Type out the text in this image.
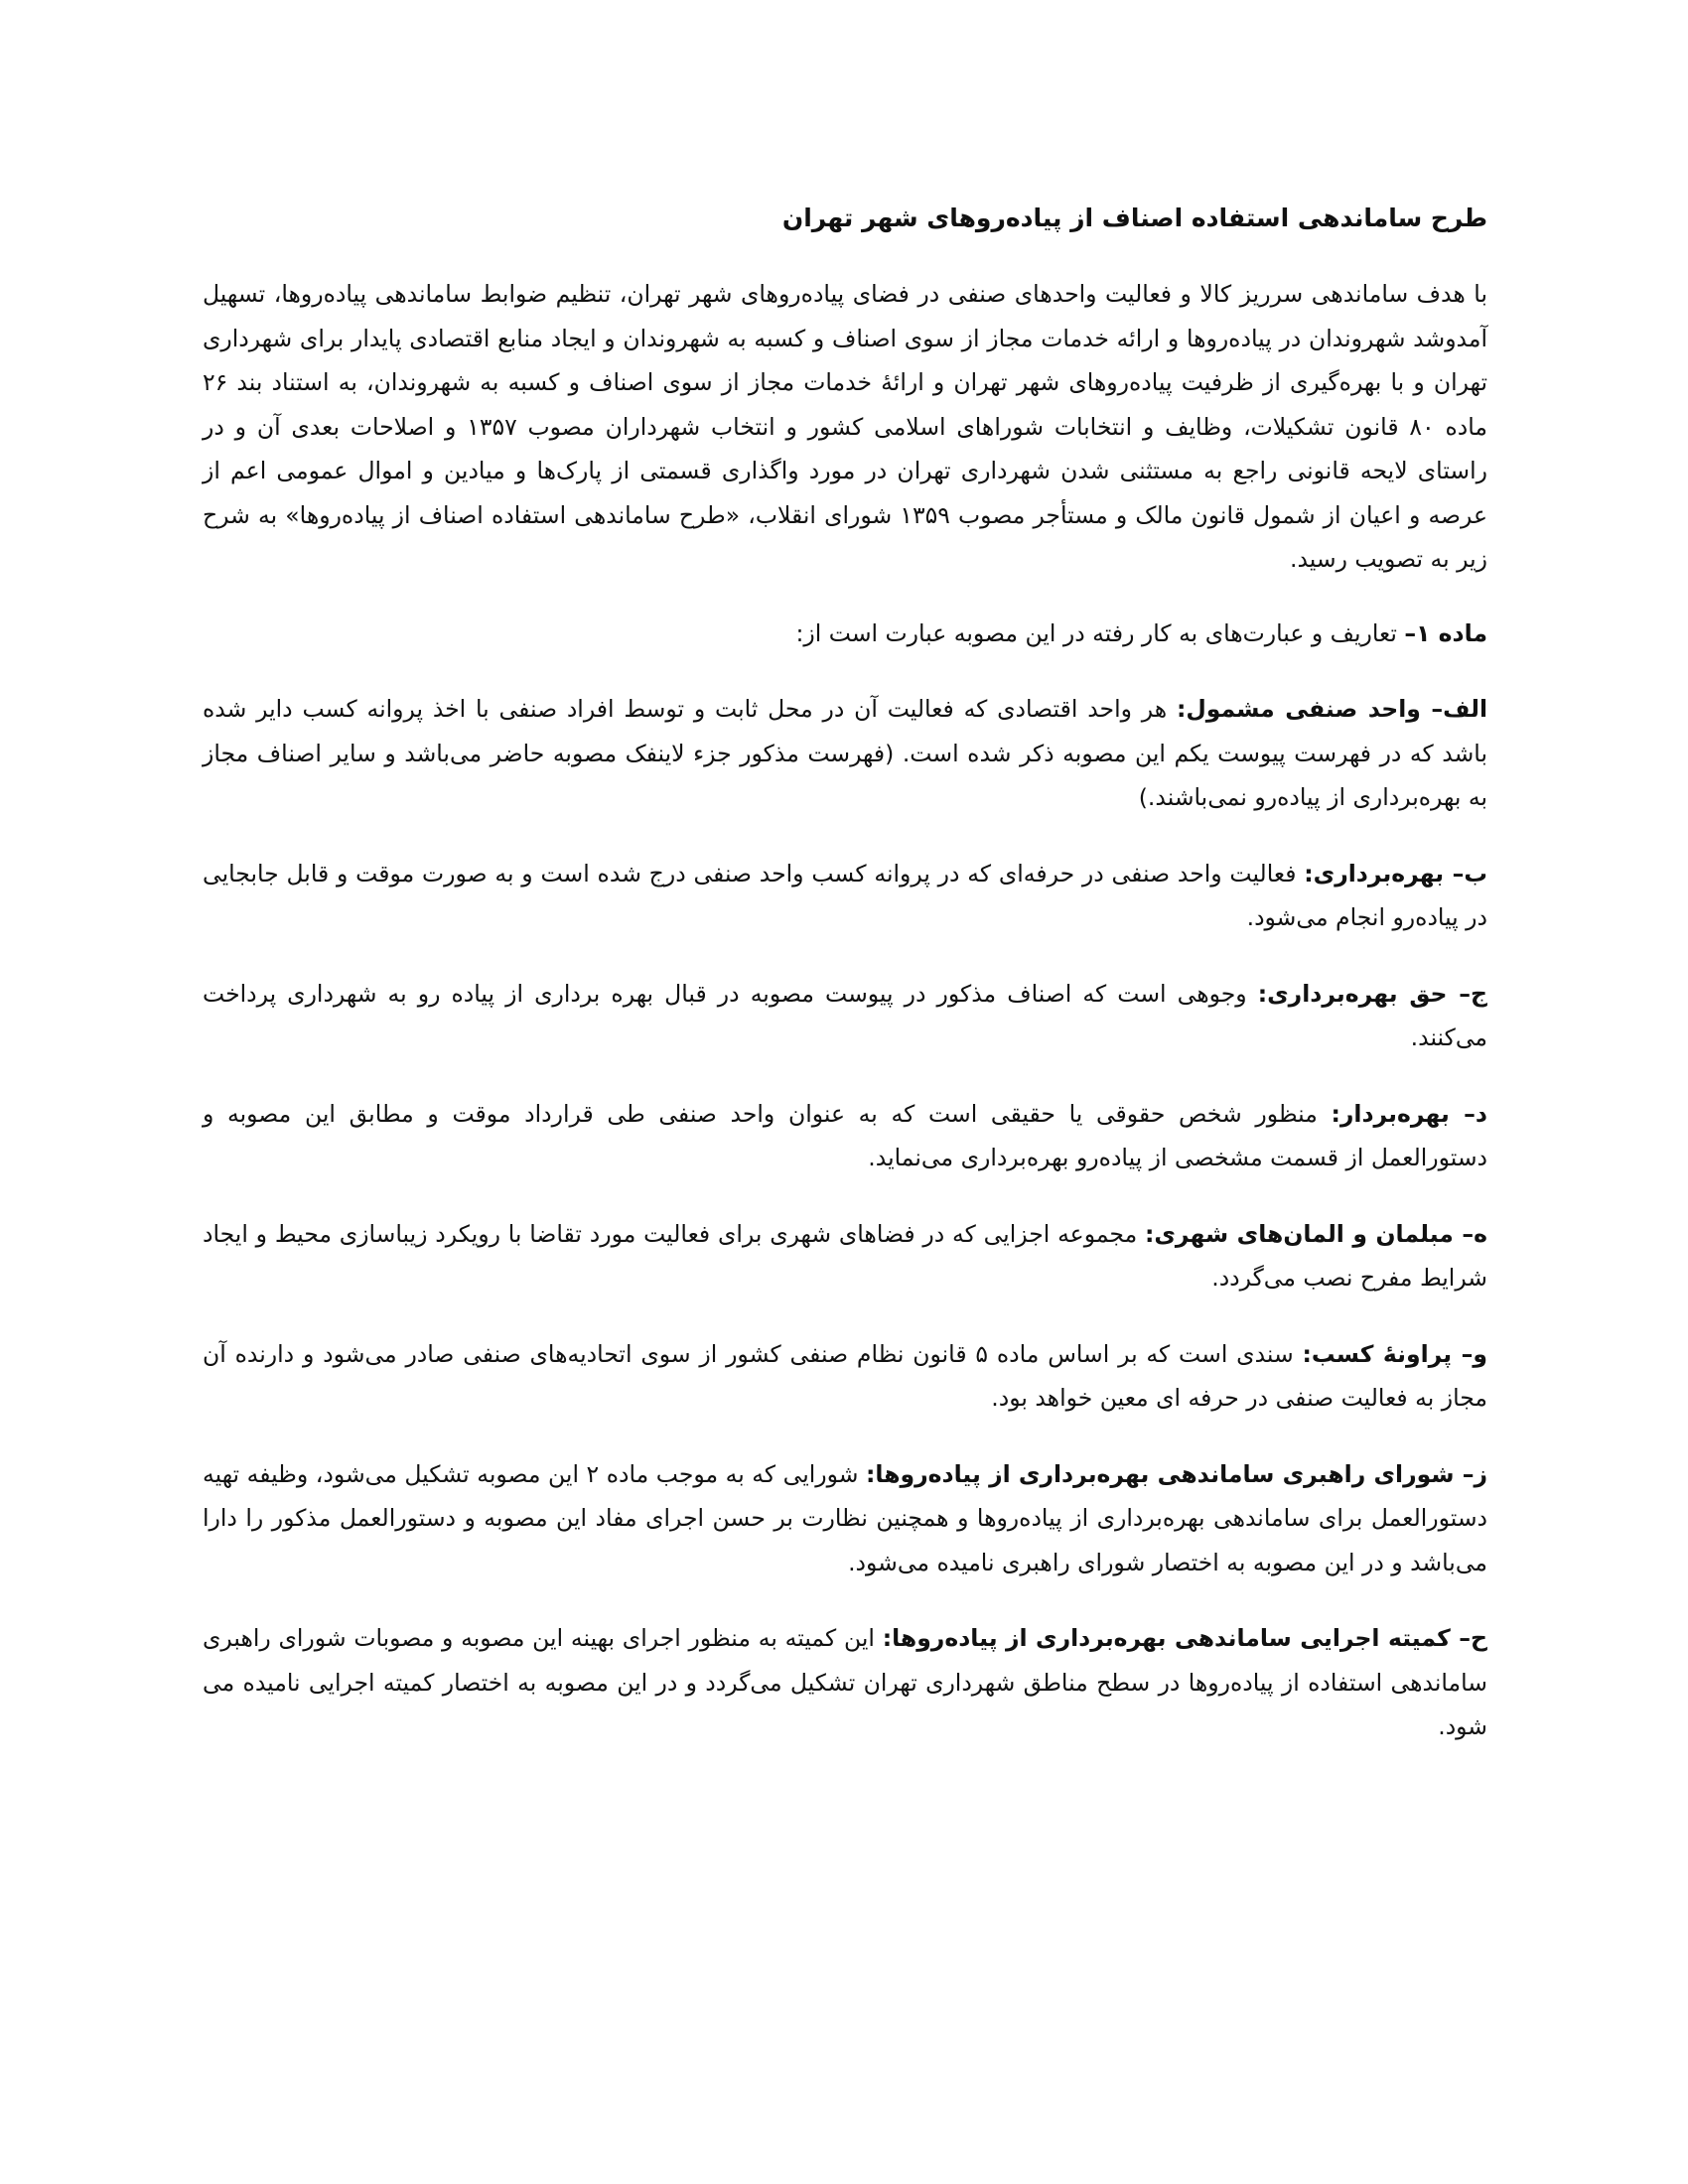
طرح ساماندهی استفاده اصناف از پیاده‌روهای شهر تهران

با هدف ساماندهی سرریز کالا و فعالیت واحدهای صنفی در فضای پیاده‌روهای شهر تهران، تنظیم ضوابط ساماندهی پیاده‌روها، تسهیل آمدوشد شهروندان در پیاده‌روها و ارائه خدمات مجاز از سوی اصناف و کسبه به شهروندان و ایجاد منابع اقتصادی پایدار برای شهرداری تهران و با بهره‌گیری از ظرفیت پیاده‌روهای شهر تهران و ارائهٔ خدمات مجاز از سوی اصناف و کسبه به شهروندان، به استناد بند ۲۶ ماده ۸۰ قانون تشکیلات، وظایف و انتخابات شوراهای اسلامی کشور و انتخاب شهرداران مصوب ۱۳۵۷ و اصلاحات بعدی آن و در راستای لایحه قانونی راجع به مستثنی شدن شهرداری تهران در مورد واگذاری قسمتی از پارک‌ها و میادین و اموال عمومی اعم از عرصه و اعیان از شمول قانون مالک و مستأجر مصوب ۱۳۵۹ شورای انقلاب، «طرح ساماندهی استفاده اصناف از پیاده‌روها» به شرح زیر به تصویب رسید.

ماده ۱– تعاریف و عبارت‌های به کار رفته در این مصوبه عبارت است از:

الف– واحد صنفی مشمول: هر واحد اقتصادی که فعالیت آن در محل ثابت و توسط افراد صنفی با اخذ پروانه کسب دایر شده باشد که در فهرست پیوست یکم این مصوبه ذکر شده است. (فهرست مذکور جزء لاینفک مصوبه حاضر می‌باشد و سایر اصناف مجاز به بهره‌برداری از پیاده‌رو نمی‌باشند.)

ب– بهره‌برداری: فعالیت واحد صنفی در حرفه‌ای که در پروانه کسب واحد صنفی درج شده است و به صورت موقت و قابل جابجایی در پیاده‌رو انجام می‌شود.

ج– حق بهره‌برداری: وجوهی است که اصناف مذکور در پیوست مصوبه در قبال بهره برداری از پیاده رو به شهرداری پرداخت می‌کنند.

د– بهره‌بردار: منظور شخص حقوقی یا حقیقی است که به عنوان واحد صنفی طی قرارداد موقت و مطابق این مصوبه و دستورالعمل از قسمت مشخصی از پیاده‌رو بهره‌برداری می‌نماید.

ه– مبلمان و المان‌های شهری: مجموعه اجزایی که در فضاهای شهری برای فعالیت مورد تقاضا با رویکرد زیباسازی محیط و ایجاد شرایط مفرح نصب می‌گردد.

و– پراونهٔ کسب: سندی است که بر اساس ماده ۵ قانون نظام صنفی کشور از سوی اتحادیه‌های صنفی صادر می‌شود و دارنده آن مجاز به فعالیت صنفی در حرفه ای معین خواهد بود.

ز– شورای راهبری ساماندهی بهره‌برداری از پیاده‌روها: شورایی که به موجب ماده ۲ این مصوبه تشکیل می‌شود، وظیفه تهیه دستورالعمل برای ساماندهی بهره‌برداری از پیاده‌روها و همچنین نظارت بر حسن اجرای مفاد این مصوبه و دستورالعمل مذکور را دارا می‌باشد و در این مصوبه به اختصار شورای راهبری نامیده می‌شود.

ح– کمیته اجرایی ساماندهی بهره‌برداری از پیاده‌روها: این کمیته به منظور اجرای بهینه این مصوبه و مصوبات شورای راهبری ساماندهی استفاده از پیاده‌روها در سطح مناطق شهرداری تهران تشکیل می‌گردد و در این مصوبه به اختصار کمیته اجرایی نامیده می شود.
